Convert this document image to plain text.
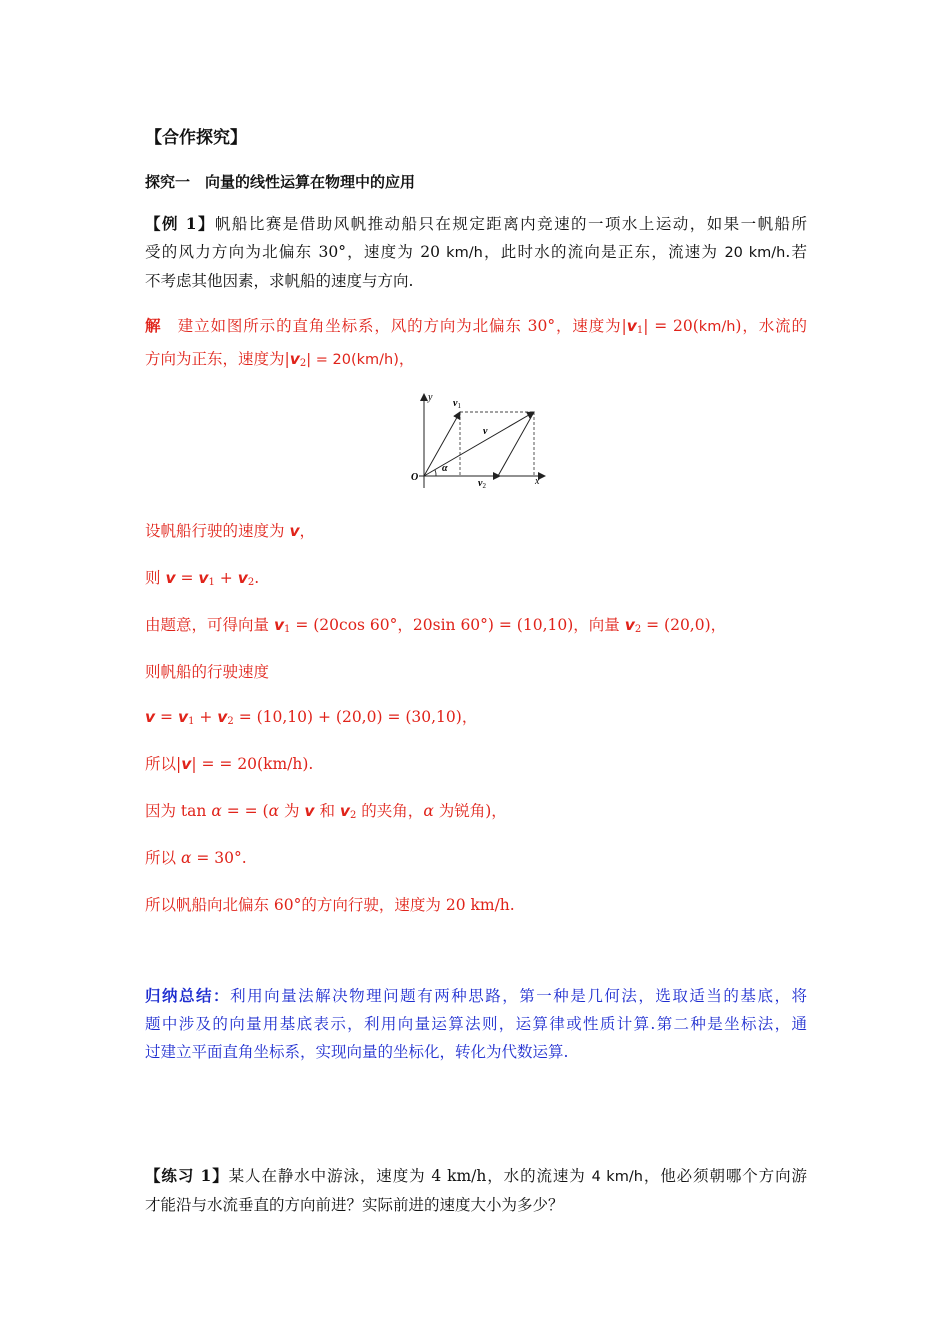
【合作探究】
探究一　向量的线性运算在物理中的应用
【例 1】帆船比赛是借助风帆推动船只在规定距离内竞速的一项水上运动，如果一帆船所
受的风力方向为北偏东 30°，速度为 20 km/h，此时水的流向是正东，流速为 20 km/h.若
不考虑其他因素，求帆船的速度与方向.
解　建立如图所示的直角坐标系，风的方向为北偏东 30°，速度为$|v_1| = 20(km/h)$，水流的
方向为正东，速度为$|v_2| = 20(km/h)$，
y
x
O
$v_1$
v
$v_2$
α
设帆船行驶的速度为 v，
则 $v = v_1 + v_2$.
由题意，可得向量 $v_1 = (20\cos$ 60°，20sin 60°) = (10,10)，向量 $v_2 = (20,0)$，
则帆船的行驶速度
$v = v_1 + v_2 = (10,10) + (20,0) = (30,10)$，
所以|v| = = 20(km/h).
因为 tan α = = (α 为 v 和 $v_2$ 的夹角，α 为锐角)，
所以 α = 30°.
所以帆船向北偏东 60°的方向行驶，速度为 20 km/h.
归纳总结：利用向量法解决物理问题有两种思路，第一种是几何法，选取适当的基底，将
题中涉及的向量用基底表示，利用向量运算法则，运算律或性质计算.第二种是坐标法，通
过建立平面直角坐标系，实现向量的坐标化，转化为代数运算.
【练习 1】某人在静水中游泳，速度为 4 km/h，水的流速为 4 km/h，他必须朝哪个方向游
才能沿与水流垂直的方向前进？实际前进的速度大小为多少？
